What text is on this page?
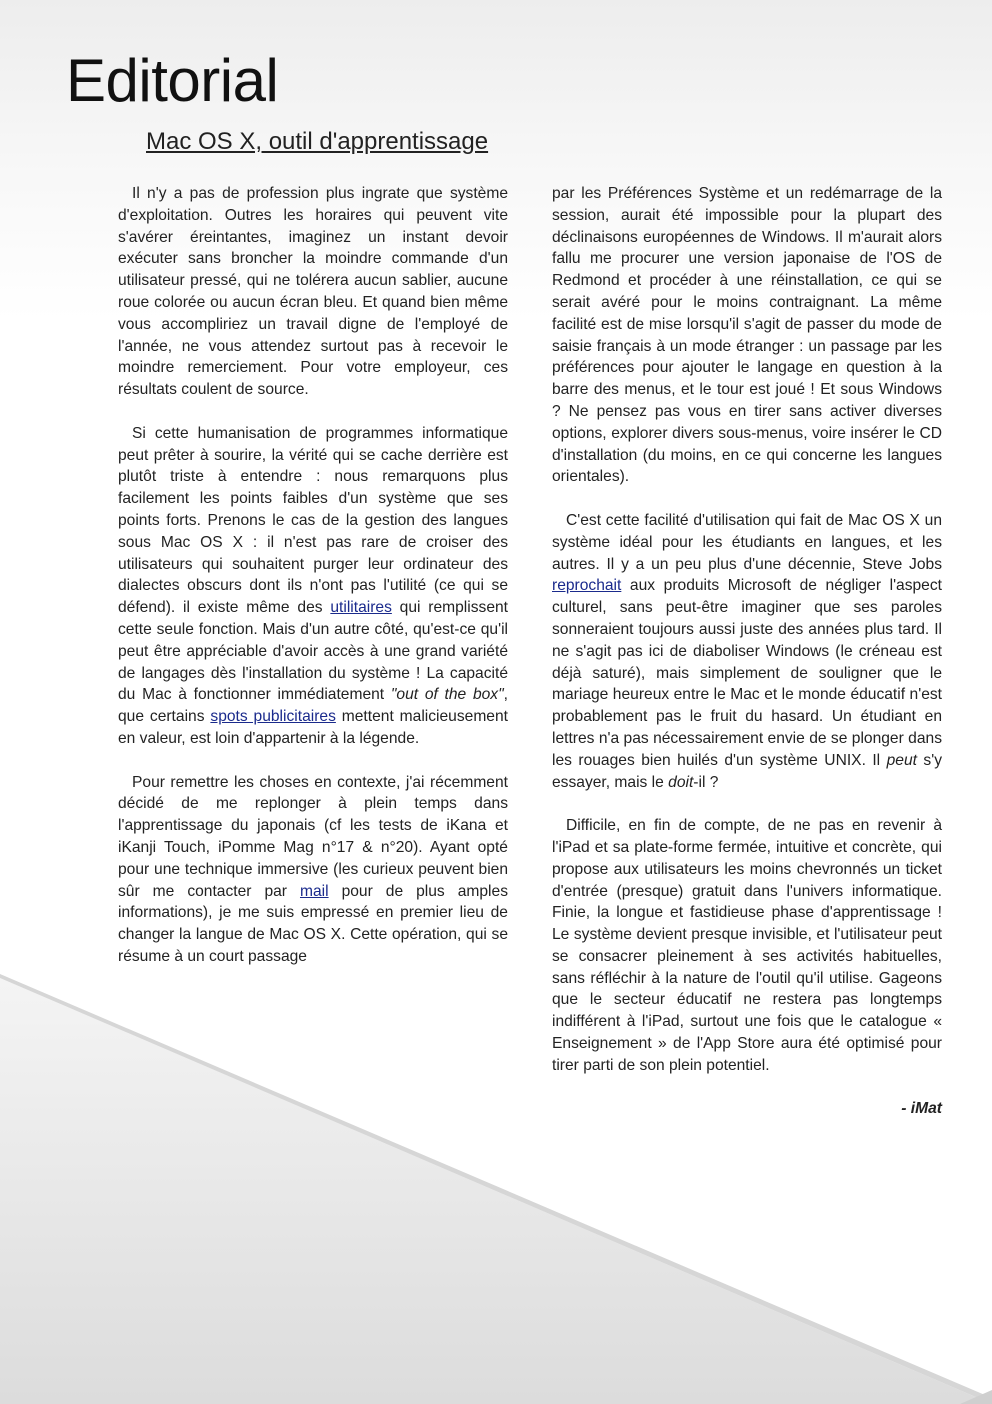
Editorial
Mac OS X, outil d'apprentissage

Il n'y a pas de profession plus ingrate que système d'exploitation. Outres les horaires qui peuvent vite s'avérer éreintantes, imaginez un instant devoir exécuter sans broncher la moindre commande d'un utilisateur pressé, qui ne tolérera aucun sablier, aucune roue colorée ou aucun écran bleu. Et quand bien même vous accompliriez un travail digne de l'employé de l'année, ne vous attendez surtout pas à recevoir le moindre remerciement. Pour votre employeur, ces résultats coulent de source.

Si cette humanisation de programmes informatique peut prêter à sourire, la vérité qui se cache derrière est plutôt triste à entendre : nous remarquons plus facilement les points faibles d'un système que ses points forts. Prenons le cas de la gestion des langues sous Mac OS X : il n'est pas rare de croiser des utilisateurs qui souhaitent purger leur ordinateur des dialectes obscurs dont ils n'ont pas l'utilité (ce qui se défend). il existe même des utilitaires qui remplissent cette seule fonction. Mais d'un autre côté, qu'est-ce qu'il peut être appréciable d'avoir accès à une grand variété de langages dès l'installation du système ! La capacité du Mac à fonctionner immédiatement "out of the box", que certains spots publicitaires mettent malicieusement en valeur, est loin d'appartenir à la légende.

Pour remettre les choses en contexte, j'ai récemment décidé de me replonger à plein temps dans l'apprentissage du japonais (cf les tests de iKana et iKanji Touch, iPomme Mag n°17 & n°20). Ayant opté pour une technique immersive (les curieux peuvent bien sûr me contacter par mail pour de plus amples informations), je me suis empressé en premier lieu de changer la langue de Mac OS X. Cette opération, qui se résume à un court passage

par les Préférences Système et un redémarrage de la session, aurait été impossible pour la plupart des déclinaisons européennes de Windows. Il m'aurait alors fallu me procurer une version japonaise de l'OS de Redmond et procéder à une réinstallation, ce qui se serait avéré pour le moins contraignant. La même facilité est de mise lorsqu'il s'agit de passer du mode de saisie français à un mode étranger : un passage par les préférences pour ajouter le langage en question à la barre des menus, et le tour est joué ! Et sous Windows ? Ne pensez pas vous en tirer sans activer diverses options, explorer divers sous-menus, voire insérer le CD d'installation (du moins, en ce qui concerne les langues orientales).

C'est cette facilité d'utilisation qui fait de Mac OS X un système idéal pour les étudiants en langues, et les autres. Il y a un peu plus d'une décennie, Steve Jobs reprochait aux produits Microsoft de négliger l'aspect culturel, sans peut-être imaginer que ses paroles sonneraient toujours aussi juste des années plus tard. Il ne s'agit pas ici de diaboliser Windows (le créneau est déjà saturé), mais simplement de souligner que le mariage heureux entre le Mac et le monde éducatif n'est probablement pas le fruit du hasard. Un étudiant en lettres n'a pas nécessairement envie de se plonger dans les rouages bien huilés d'un système UNIX. Il peut s'y essayer, mais le doit-il ?

Difficile, en fin de compte, de ne pas en revenir à l'iPad et sa plate-forme fermée, intuitive et concrète, qui propose aux utilisateurs les moins chevronnés un ticket d'entrée (presque) gratuit dans l'univers informatique. Finie, la longue et fastidieuse phase d'apprentissage ! Le système devient presque invisible, et l'utilisateur peut se consacrer pleinement à ses activités habituelles, sans réfléchir à la nature de l'outil qu'il utilise. Gageons que le secteur éducatif ne restera pas longtemps indifférent à l'iPad, surtout une fois que le catalogue « Enseignement » de l'App Store aura été optimisé pour tirer parti de son plein potentiel.

- iMat
